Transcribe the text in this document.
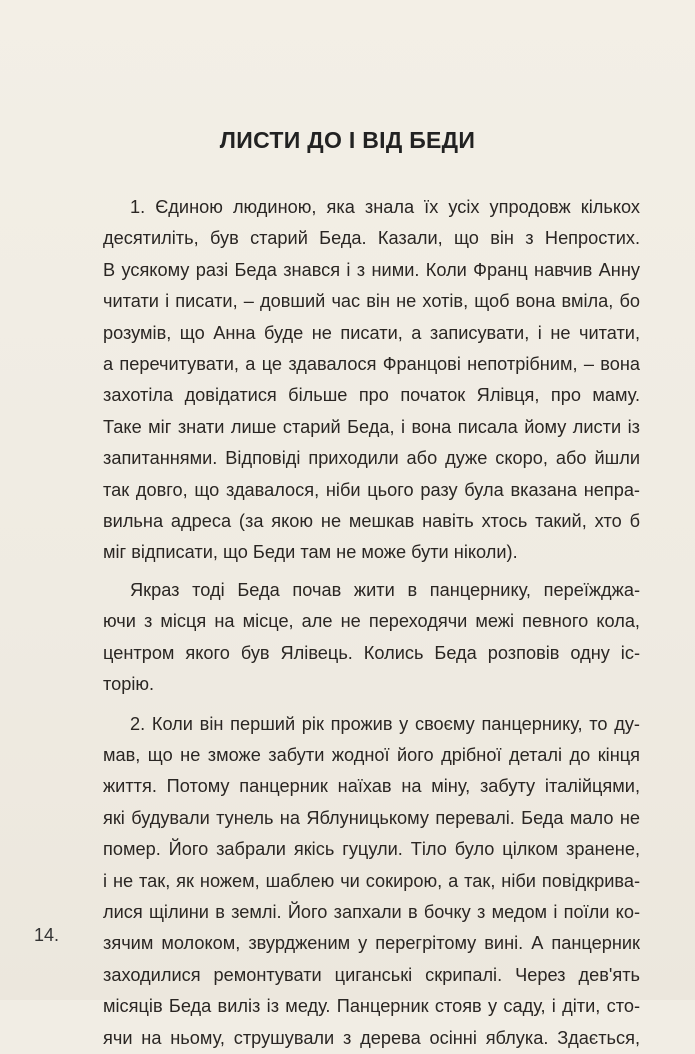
ЛИСТИ ДО І ВІД БЕДИ

1. Єдиною людиною, яка знала їх усіх упродовж кількох
десятиліть, був старий Беда. Казали, що він з Непростих.
В усякому разі Беда знався і з ними. Коли Франц навчив Анну
читати і писати, – довший час він не хотів, щоб вона вміла, бо
розумів, що Анна буде не писати, а записувати, і не читати,
а перечитувати, а це здавалося Францові непотрібним, – вона
захотіла довідатися більше про початок Ялівця, про маму.
Таке міг знати лише старий Беда, і вона писала йому листи із
запитаннями. Відповіді приходили або дуже скоро, або йшли
так довго, що здавалося, ніби цього разу була вказана непра-
вильна адреса (за якою не мешкав навіть хтось такий, хто б
міг відписати, що Беди там не може бути ніколи).

Якраз тоді Беда почав жити в панцернику, переїжджа-
ючи з місця на місце, але не переходячи межі певного кола,
центром якого був Ялівець. Колись Беда розповів одну іс-
торію.

2. Коли він перший рік прожив у своєму панцернику, то ду-
мав, що не зможе забути жодної його дрібної деталі до кінця
життя. Потому панцерник наїхав на міну, забуту італійцями,
які будували тунель на Яблуницькому перевалі. Беда мало не
помер. Його забрали якісь гуцули. Тіло було цілком зранене,
і не так, як ножем, шаблею чи сокирою, а так, ніби повідкрива-
лися щілини в землі. Його запхали в бочку з медом і поїли ко-
зячим молоком, звурдженим у перегрітому вині. А панцерник
заходилися ремонтувати циганські скрипалі. Через дев'ять
місяців Беда виліз із меду. Панцерник стояв у саду, і діти, сто-
ячи на ньому, струшували з дерева осінні яблука. Здається,

14.
